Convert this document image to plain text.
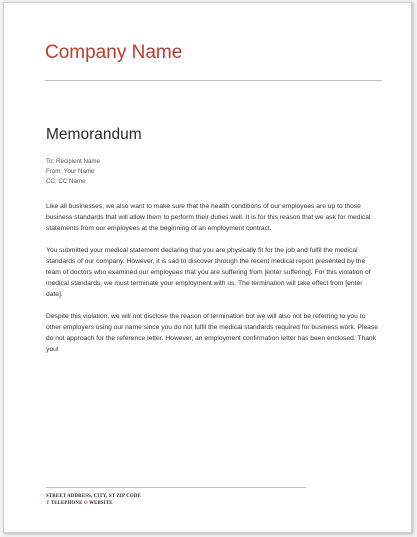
Company Name
Memorandum
To: Recipient Name
From: Your Name
CC: CC Name

Like all businesses, we also want to make sure that the health conditions of our employees are up to those business standards that will allow them to perform their duties well. It is for this reason that we ask for medical statements from our employees at the beginning of an employment contract.

You submitted your medical statement declaring that you are physically fit for the job and fulfil the medical standards of our company. However, it is sad to discover through the recent medical report presented by the team of doctors who examined our employees that you are suffering from [enter suffering]. For this violation of medical standards, we must terminate your employment with us. The termination will take effect from [enter date].

Despite this violation, we will not disclose the reason of termination but we will also not be referring to you to other employers using our name since you do not fulfil the medical standards required for business work. Please do not approach for the reference letter. However, an employment confirmation letter has been enclosed. Thank you!

STREET ADDRESS, CITY, ST ZIP CODE
Y TELEPHONE O WEBSITE
